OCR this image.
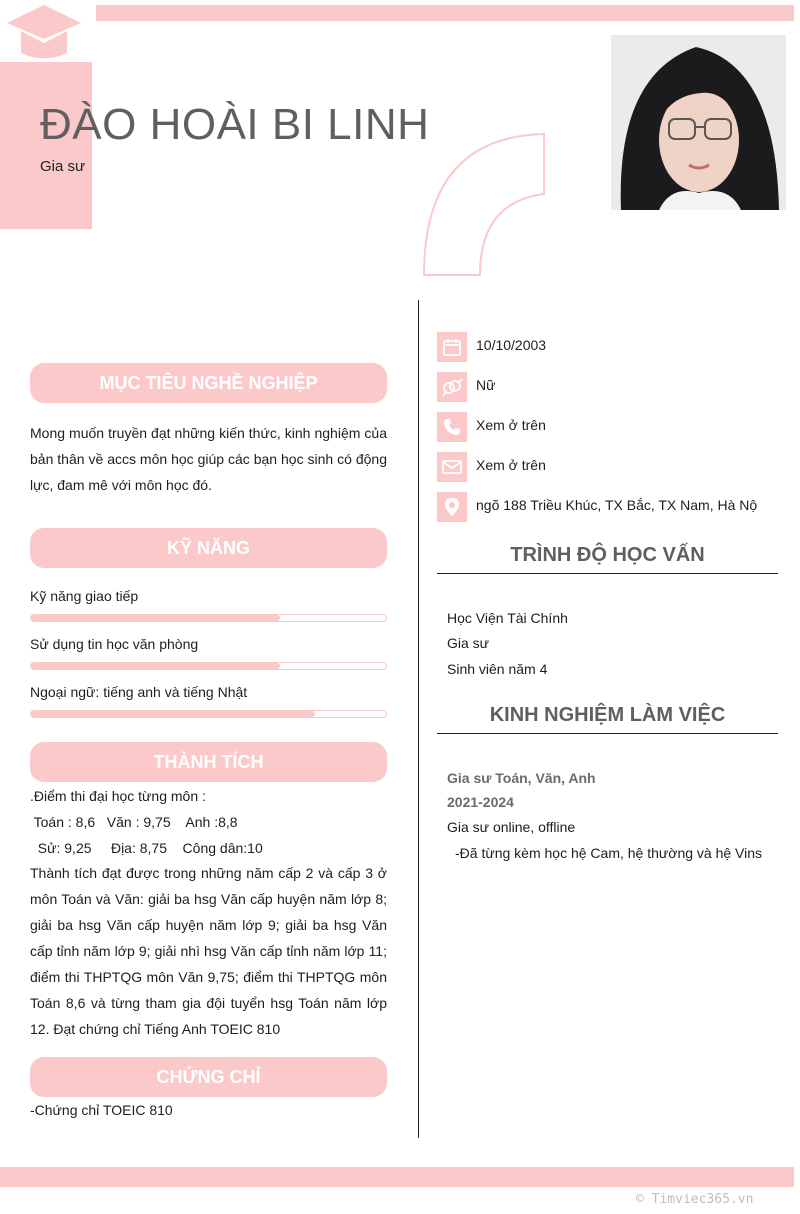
ĐÀO HOÀI BI LINH
Gia sư
MỤC TIÊU NGHỀ NGHIỆP
Mong muốn truyền đạt những kiến thức, kinh nghiệm của bản thân về accs môn học giúp các bạn học sinh có động lực, đam mê với môn học đó.
KỸ NĂNG
Kỹ năng giao tiếp
Sử dụng tin học văn phòng
Ngoại ngữ: tiếng anh và tiếng Nhật
THÀNH TÍCH
.Điểm thi đại học từng môn :
Toán : 8,6   Văn : 9,75    Anh :8,8
Sử: 9,25     Địa: 8,75    Công dân:10
Thành tích đạt được trong những năm cấp 2 và cấp 3 ở môn Toán và Văn: giải ba hsg Văn cấp huyện năm lớp 8; giải ba hsg Văn cấp huyện năm lớp 9; giải ba hsg Văn cấp tỉnh năm lớp 9; giải nhì hsg Văn cấp tỉnh năm lớp 11; điểm thi THPTQG môn Văn 9,75; điểm thi THPTQG môn Toán 8,6 và từng tham gia đội tuyển hsg Toán năm lớp 12. Đạt chứng chỉ Tiếng Anh TOEIC 810
CHỨNG CHỈ
-Chứng chỉ TOEIC 810
10/10/2003
Nữ
Xem ở trên
Xem ở trên
ngõ 188 Triều Khúc, TX Bắc, TX Nam, Hà Nộ
TRÌNH ĐỘ HỌC VẤN
Học Viện Tài Chính
Gia sư
Sinh viên năm 4
KINH NGHIỆM LÀM VIỆC
Gia sư Toán, Văn, Anh
2021-2024
Gia sư online, offline
-Đã từng kèm học hệ Cam, hệ thường và hệ Vins
© Timviec365.vn
